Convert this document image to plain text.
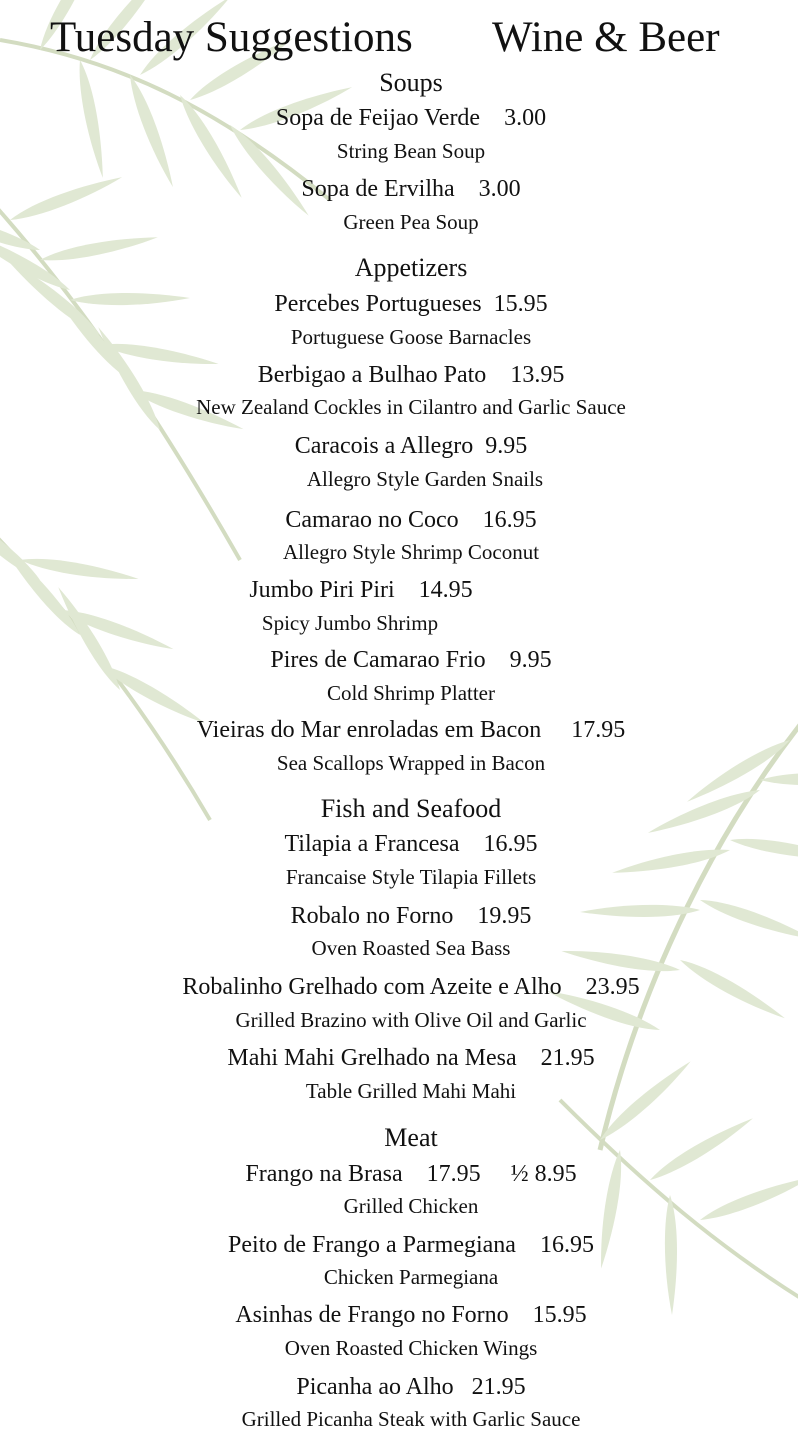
Tuesday Suggestions Wine & Beer
Soups
Sopa de Feijao Verde 3.00
String Bean Soup
Sopa de Ervilha 3.00
Green Pea Soup
Appetizers
Percebes Portugueses 15.95
Portuguese Goose Barnacles
Berbigao a Bulhao Pato 13.95
New Zealand Cockles in Cilantro and Garlic Sauce
Caracois a Allegro 9.95
Allegro Style Garden Snails
Camarao no Coco 16.95
Allegro Style Shrimp Coconut
Jumbo Piri Piri 14.95
Spicy Jumbo Shrimp
Pires de Camarao Frio 9.95
Cold Shrimp Platter
Vieiras do Mar enroladas em Bacon 17.95
Sea Scallops Wrapped in Bacon
Fish and Seafood
Tilapia a Francesa 16.95
Francaise Style Tilapia Fillets
Robalo no Forno 19.95
Oven Roasted Sea Bass
Robalinho Grelhado com Azeite e Alho 23.95
Grilled Brazino with Olive Oil and Garlic
Mahi Mahi Grelhado na Mesa 21.95
Table Grilled Mahi Mahi
Meat
Frango na Brasa 17.95 ½ 8.95
Grilled Chicken
Peito de Frango a Parmegiana 16.95
Chicken Parmegiana
Asinhas de Frango no Forno 15.95
Oven Roasted Chicken Wings
Picanha ao Alho 21.95
Grilled Picanha Steak with Garlic Sauce
